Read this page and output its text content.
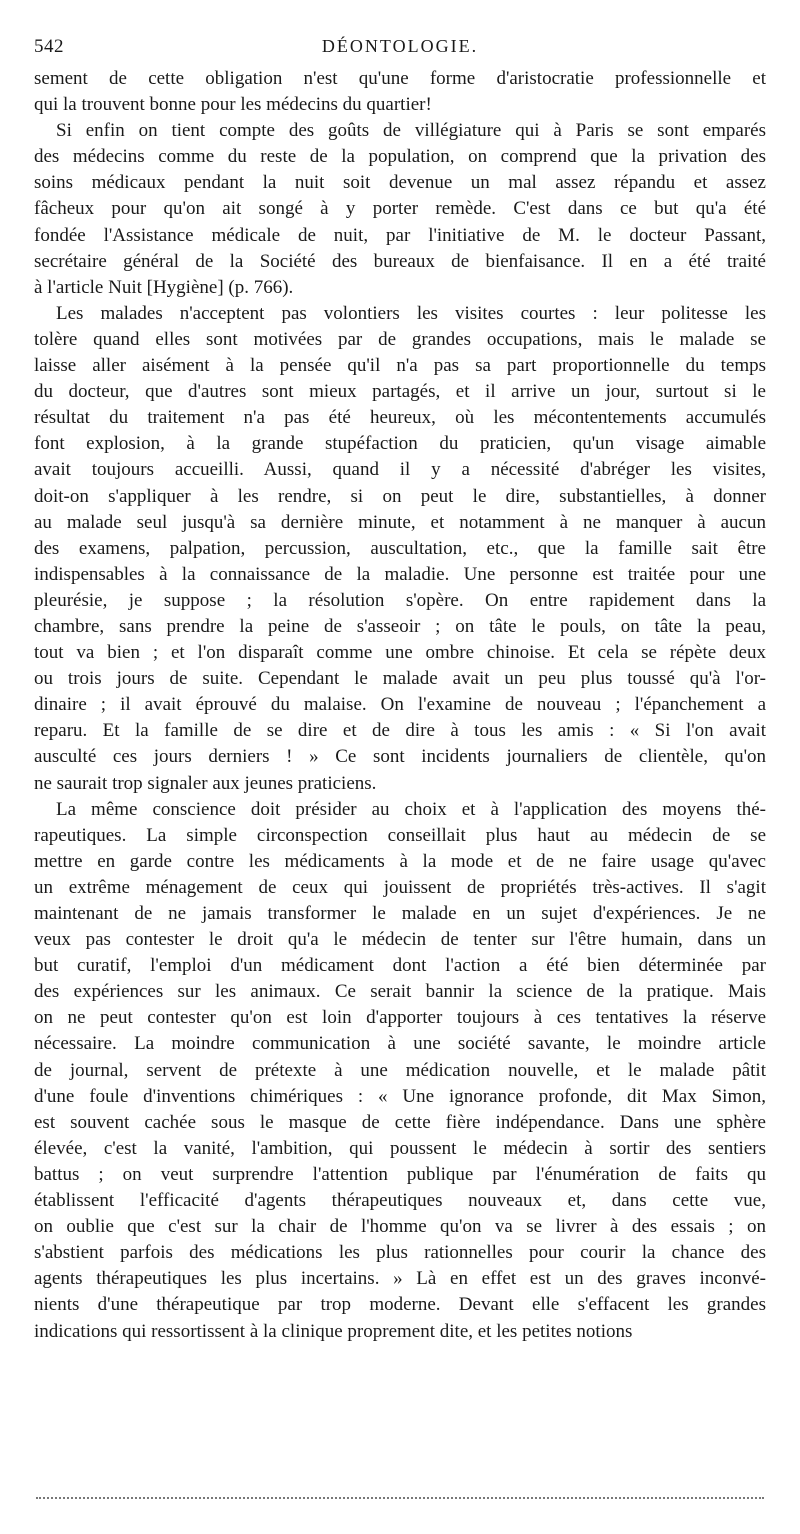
542	DÉONTOLOGIE.
sement de cette obligation n'est qu'une forme d'aristocratie professionnelle et
qui la trouvent bonne pour les médecins du quartier!
Si enfin on tient compte des goûts de villégiature qui à Paris se sont emparés
des médecins comme du reste de la population, on comprend que la privation des
soins médicaux pendant la nuit soit devenue un mal assez répandu et assez
fâcheux pour qu'on ait songé à y porter remède. C'est dans ce but qu'a été
fondée l'Assistance médicale de nuit, par l'initiative de M. le docteur Passant,
secrétaire général de la Société des bureaux de bienfaisance. Il en a été traité
à l'article Nuit [Hygiène] (p. 766).
Les malades n'acceptent pas volontiers les visites courtes : leur politesse les
tolère quand elles sont motivées par de grandes occupations, mais le malade se
laisse aller aisément à la pensée qu'il n'a pas sa part proportionnelle du temps
du docteur, que d'autres sont mieux partagés, et il arrive un jour, surtout si le
résultat du traitement n'a pas été heureux, où les mécontentements accumulés
font explosion, à la grande stupéfaction du praticien, qu'un visage aimable
avait toujours accueilli. Aussi, quand il y a nécessité d'abréger les visites,
doit-on s'appliquer à les rendre, si on peut le dire, substantielles, à donner
au malade seul jusqu'à sa dernière minute, et notamment à ne manquer à aucun
des examens, palpation, percussion, auscultation, etc., que la famille sait être
indispensables à la connaissance de la maladie. Une personne est traitée pour une
pleurésie, je suppose ; la résolution s'opère. On entre rapidement dans la
chambre, sans prendre la peine de s'asseoir ; on tâte le pouls, on tâte la peau,
tout va bien ; et l'on disparaît comme une ombre chinoise. Et cela se répète deux
ou trois jours de suite. Cependant le malade avait un peu plus toussé qu'à l'or-
dinaire ; il avait éprouvé du malaise. On l'examine de nouveau ; l'épanchement a
reparu. Et la famille de se dire et de dire à tous les amis : « Si l'on avait
ausculté ces jours derniers ! » Ce sont incidents journaliers de clientèle, qu'on
ne saurait trop signaler aux jeunes praticiens.
La même conscience doit présider au choix et à l'application des moyens thé-
rapeutiques. La simple circonspection conseillait plus haut au médecin de se
mettre en garde contre les médicaments à la mode et de ne faire usage qu'avec
un extrême ménagement de ceux qui jouissent de propriétés très-actives. Il s'agit
maintenant de ne jamais transformer le malade en un sujet d'expériences. Je ne
veux pas contester le droit qu'a le médecin de tenter sur l'être humain, dans un
but curatif, l'emploi d'un médicament dont l'action a été bien déterminée par
des expériences sur les animaux. Ce serait bannir la science de la pratique. Mais
on ne peut contester qu'on est loin d'apporter toujours à ces tentatives la réserve
nécessaire. La moindre communication à une société savante, le moindre article
de journal, servent de prétexte à une médication nouvelle, et le malade pâtit
d'une foule d'inventions chimériques : « Une ignorance profonde, dit Max Simon,
est souvent cachée sous le masque de cette fière indépendance. Dans une sphère
élevée, c'est la vanité, l'ambition, qui poussent le médecin à sortir des sentiers
battus ; on veut surprendre l'attention publique par l'énumération de faits qu
établissent l'efficacité d'agents thérapeutiques nouveaux et, dans cette vue,
on oublie que c'est sur la chair de l'homme qu'on va se livrer à des essais ; on
s'abstient parfois des médications les plus rationnelles pour courir la chance des
agents thérapeutiques les plus incertains. » Là en effet est un des graves inconvé-
nients d'une thérapeutique par trop moderne. Devant elle s'effacent les grandes
indications qui ressortissent à la clinique proprement dite, et les petites notions
